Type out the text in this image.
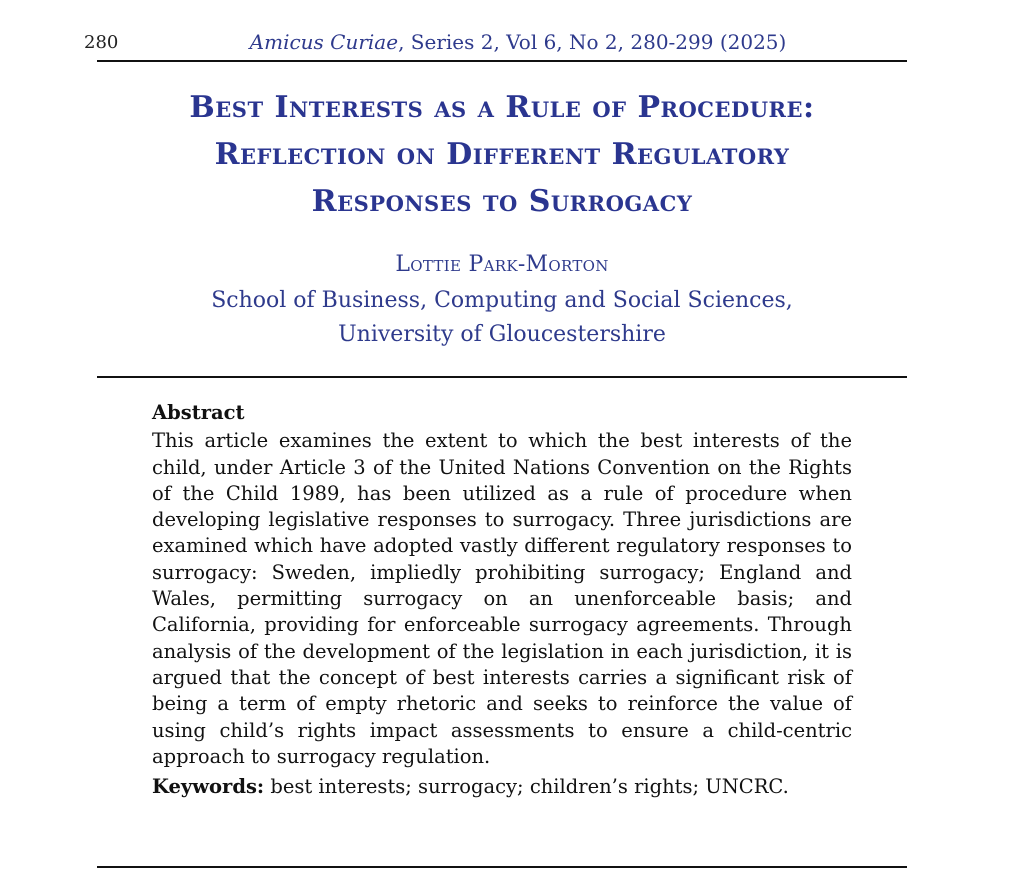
280	Amicus Curiae, Series 2, Vol 6, No 2, 280-299 (2025)
Best Interests as a Rule of Procedure:
Reflection on Different Regulatory
Responses to Surrogacy
Lottie Park-Morton
School of Business, Computing and Social Sciences,
University of Gloucestershire

Abstract

This article examines the extent to which the best interests of the child, under Article 3 of the United Nations Convention on the Rights of the Child 1989, has been utilized as a rule of procedure when developing legislative responses to surrogacy. Three jurisdictions are examined which have adopted vastly different regulatory responses to surrogacy: Sweden, impliedly prohibiting surrogacy; England and Wales, permitting surrogacy on an unenforceable basis; and California, providing for enforceable surrogacy agreements. Through analysis of the development of the legislation in each jurisdiction, it is argued that the concept of best interests carries a significant risk of being a term of empty rhetoric and seeks to reinforce the value of using child’s rights impact assessments to ensure a child-centric approach to surrogacy regulation.

Keywords: best interests; surrogacy; children’s rights; UNCRC.
